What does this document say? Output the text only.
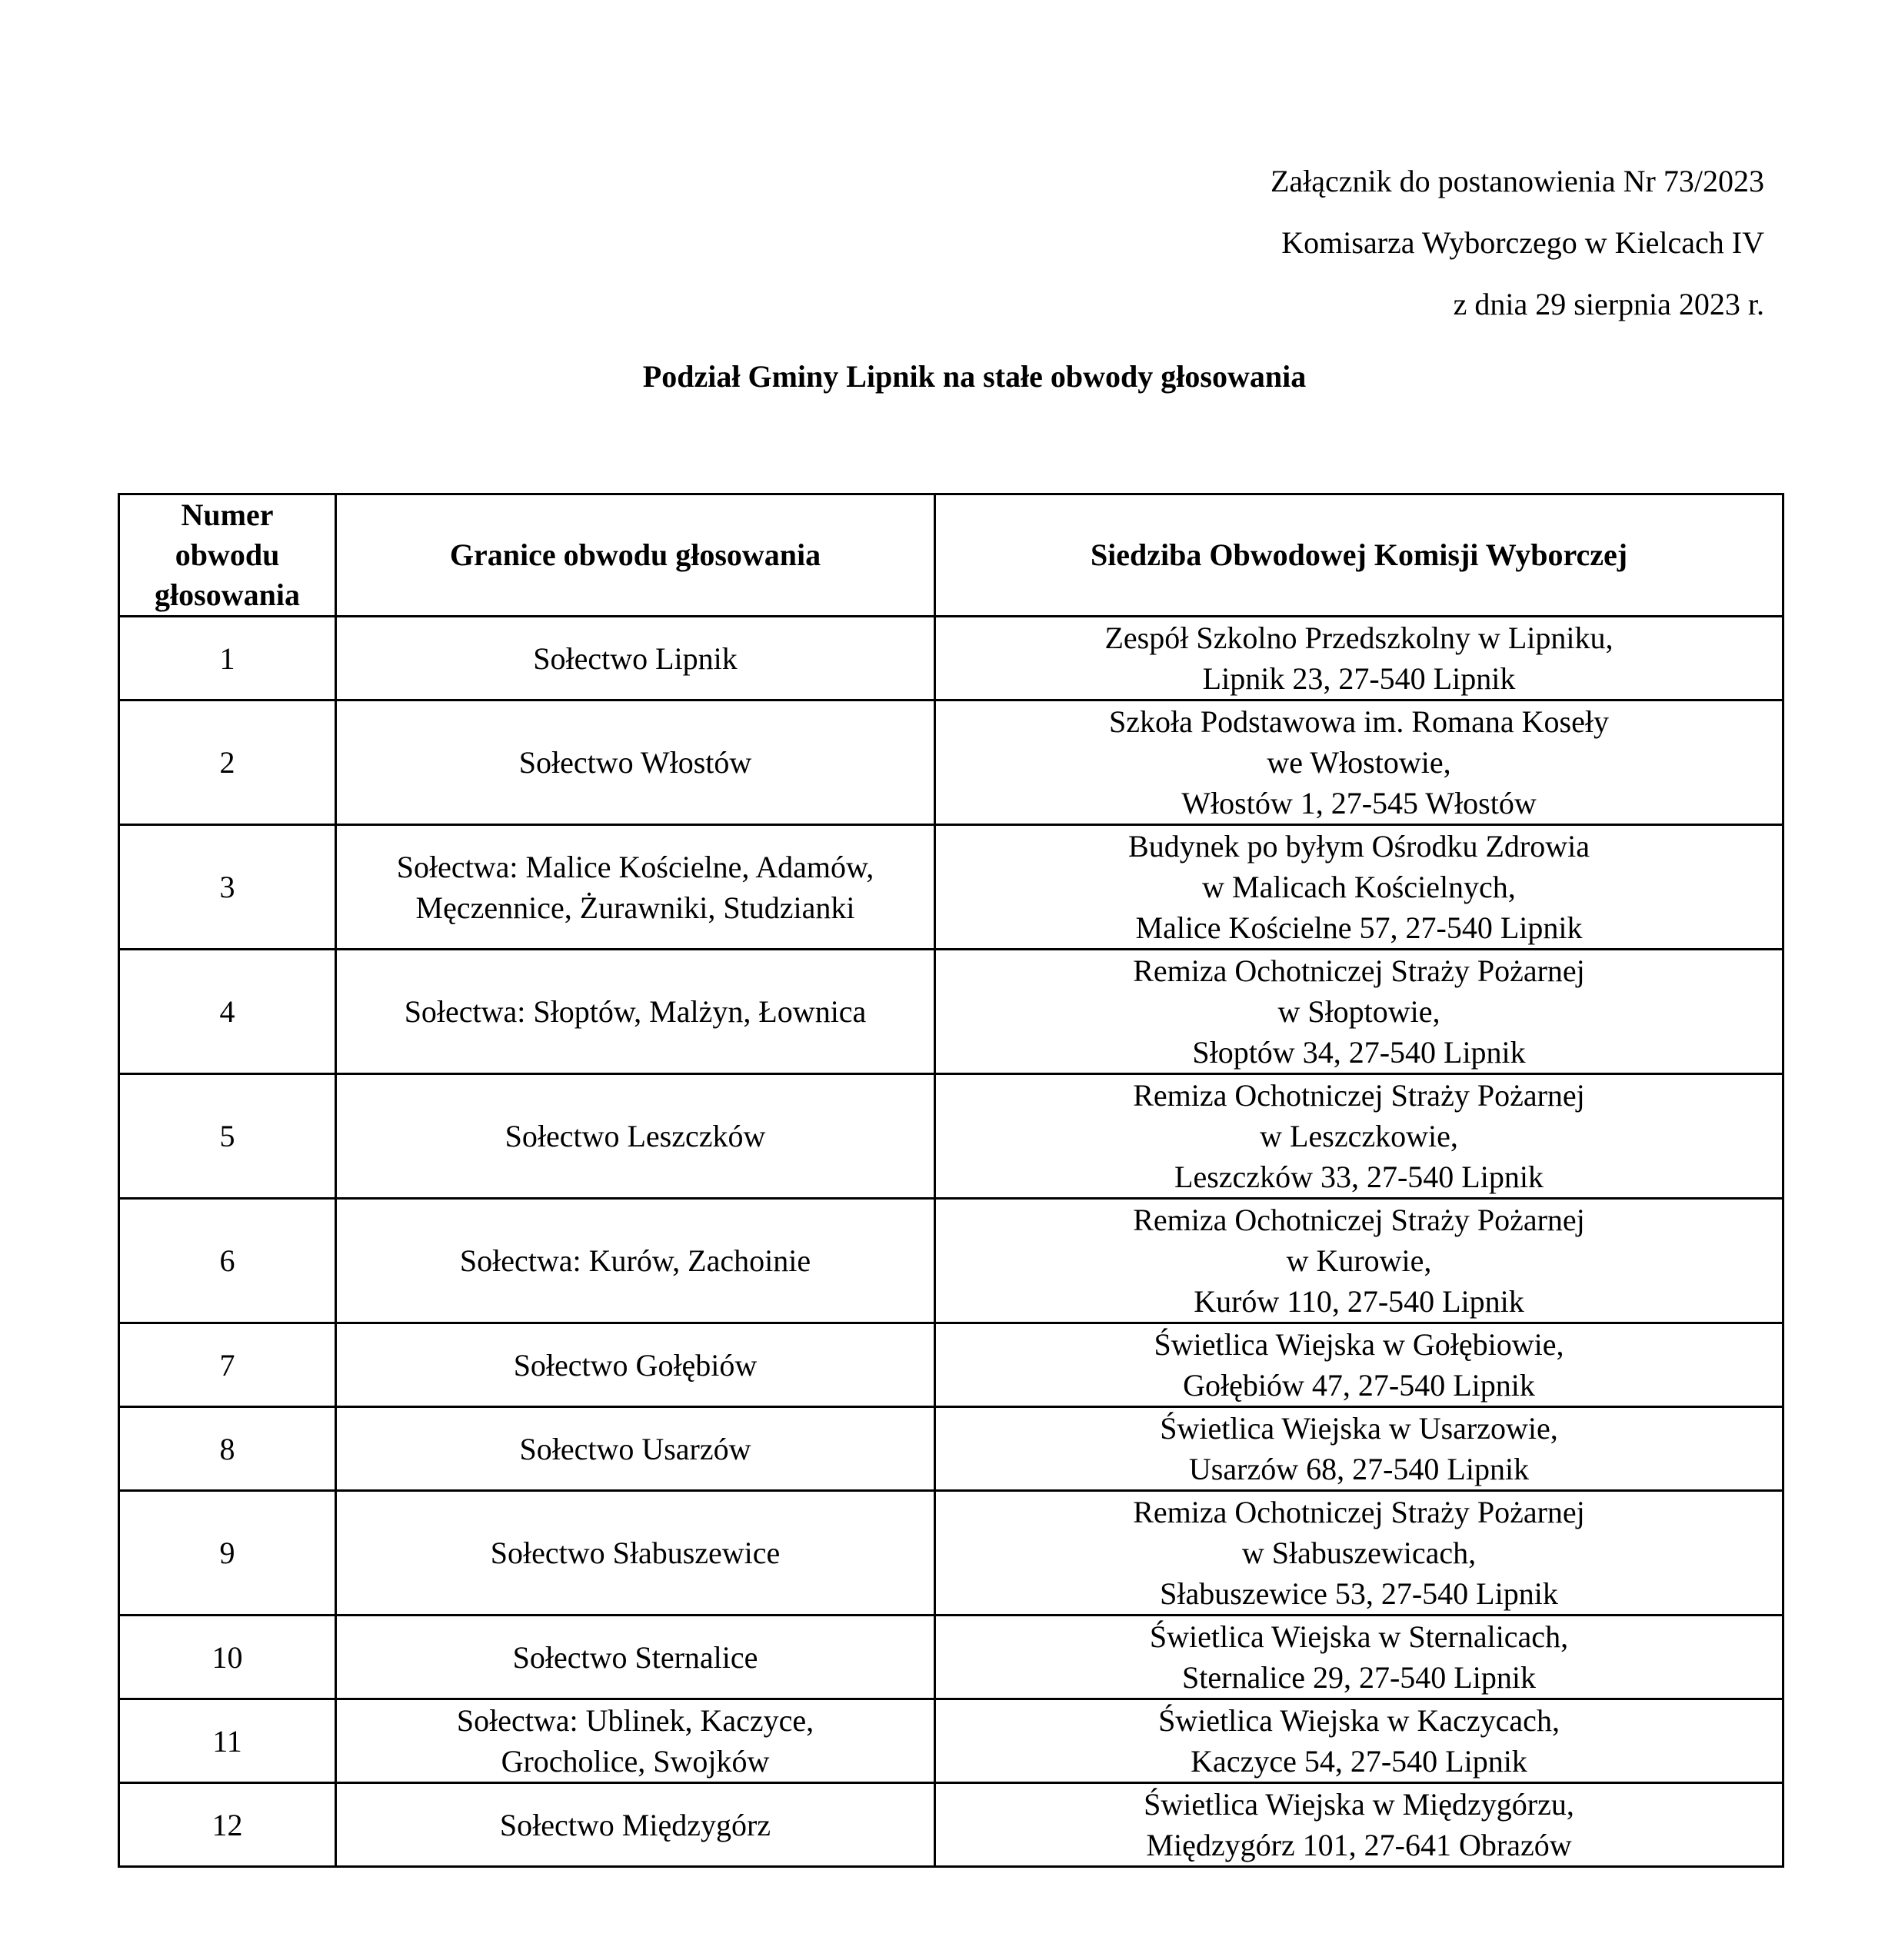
Załącznik do postanowienia Nr 73/2023
Komisarza Wyborczego w Kielcach IV
z dnia 29 sierpnia 2023 r.
Podział Gminy Lipnik na stałe obwody głosowania
Numer
obwodu
głosowania	Granice obwodu głosowania	Siedziba Obwodowej Komisji Wyborczej
1	Sołectwo Lipnik	Zespół Szkolno Przedszkolny w Lipniku,
Lipnik 23, 27-540 Lipnik

2	Sołectwo Włostów	Szkoła Podstawowa im. Romana Koseły
we Włostowie,
Włostów 1, 27-545 Włostów

3	Sołectwa: Malice Kościelne, Adamów,
Męczennice, Żurawniki, Studzianki	Budynek po byłym Ośrodku Zdrowia
w Malicach Kościelnych,
Malice Kościelne 57, 27-540 Lipnik

4	Sołectwa: Słoptów, Malżyn, Łownica	Remiza Ochotniczej Straży Pożarnej
w Słoptowie,
Słoptów 34, 27-540 Lipnik

5	Sołectwo Leszczków	Remiza Ochotniczej Straży Pożarnej
w Leszczkowie,
Leszczków 33, 27-540 Lipnik

6	Sołectwa: Kurów, Zachoinie	Remiza Ochotniczej Straży Pożarnej
w Kurowie,
Kurów 110, 27-540 Lipnik

7	Sołectwo Gołębiów	Świetlica Wiejska w Gołębiowie,
Gołębiów 47, 27-540 Lipnik

8	Sołectwo Usarzów	Świetlica Wiejska w Usarzowie,
Usarzów 68, 27-540 Lipnik

9	Sołectwo Słabuszewice	Remiza Ochotniczej Straży Pożarnej
w Słabuszewicach,
Słabuszewice 53, 27-540 Lipnik

10	Sołectwo Sternalice	Świetlica Wiejska w Sternalicach,
Sternalice 29, 27-540 Lipnik

11	Sołectwa: Ublinek, Kaczyce,
Grocholice, Swojków	Świetlica Wiejska w Kaczycach,
Kaczyce 54, 27-540 Lipnik

12	Sołectwo Międzygórz	Świetlica Wiejska w Międzygórzu,
Międzygórz 101, 27-641 Obrazów
